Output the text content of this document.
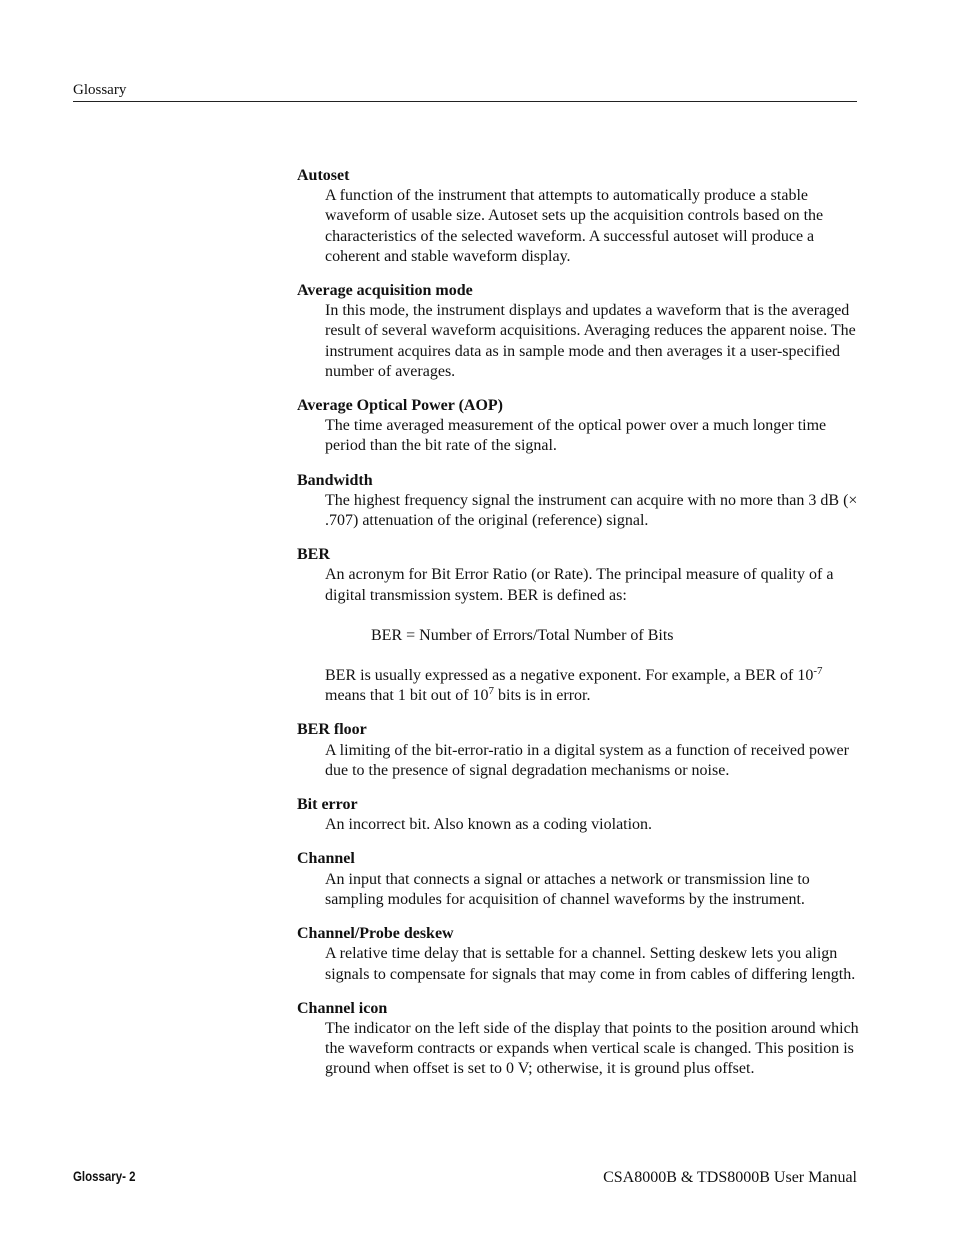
Glossary
Autoset
A function of the instrument that attempts to automatically produce a stable waveform of usable size. Autoset sets up the acquisition controls based on the characteristics of the selected waveform. A successful autoset will produce a coherent and stable waveform display.
Average acquisition mode
In this mode, the instrument displays and updates a waveform that is the averaged result of several waveform acquisitions. Averaging reduces the apparent noise. The instrument acquires data as in sample mode and then averages it a user-specified number of averages.
Average Optical Power (AOP)
The time averaged measurement of the optical power over a much longer time period than the bit rate of the signal.
Bandwidth
The highest frequency signal the instrument can acquire with no more than 3 dB (× .707) attenuation of the original (reference) signal.
BER
An acronym for Bit Error Ratio (or Rate). The principal measure of quality of a digital transmission system. BER is defined as:
BER = Number of Errors/Total Number of Bits
BER is usually expressed as a negative exponent. For example, a BER of $10^{-7}$ means that 1 bit out of $10^7$ bits is in error.
BER floor
A limiting of the bit-error-ratio in a digital system as a function of received power due to the presence of signal degradation mechanisms or noise.
Bit error
An incorrect bit. Also known as a coding violation.
Channel
An input that connects a signal or attaches a network or transmission line to sampling modules for acquisition of channel waveforms by the instrument.
Channel/Probe deskew
A relative time delay that is settable for a channel. Setting deskew lets you align signals to compensate for signals that may come in from cables of differing length.
Channel icon
The indicator on the left side of the display that points to the position around which the waveform contracts or expands when vertical scale is changed. This position is ground when offset is set to 0 V; otherwise, it is ground plus offset.
Glossary- 2	CSA8000B & TDS8000B User Manual
